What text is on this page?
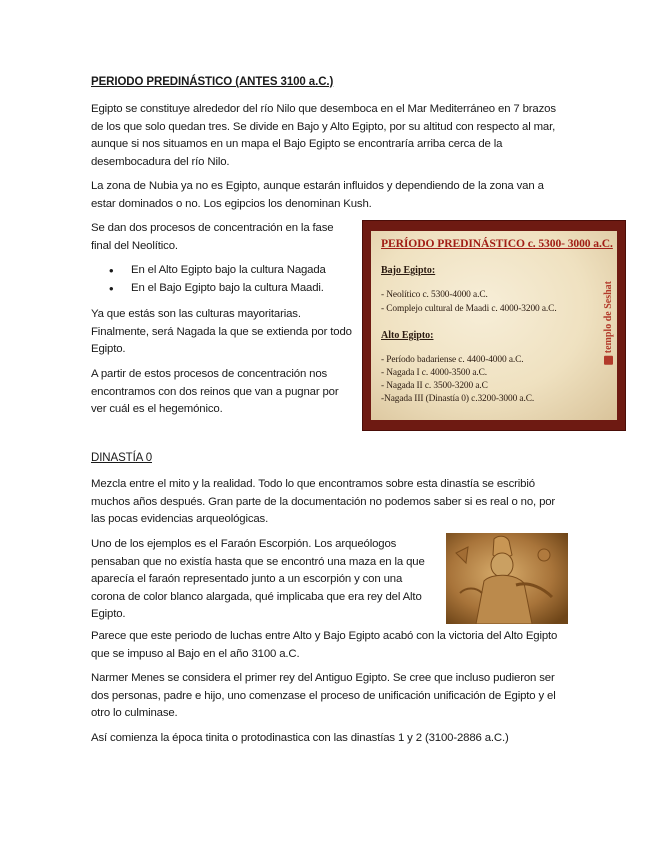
PERIODO PREDINÁSTICO (ANTES 3100 a.C.)

Egipto se constituye alrededor del río Nilo que desemboca en el Mar Mediterráneo en 7 brazos de los que solo quedan tres. Se divide en Bajo y Alto Egipto, por su altitud con respecto al mar, aunque si nos situamos en un mapa el Bajo Egipto se encontraría arriba cerca de la desembocadura del río Nilo.

La zona de Nubia ya no es Egipto, aunque estarán influidos y dependiendo de la zona van a estar dominados o no. Los egipcios los denominan Kush.

Se dan dos procesos de concentración en la fase final del Neolítico.

• En el Alto Egipto bajo la cultura Nagada
• En el Bajo Egipto bajo la cultura Maadi.

Ya que estás son las culturas mayoritarias. Finalmente, será Nagada la que se extienda por todo Egipto.

A partir de estos procesos de concentración nos encontramos con dos reinos que van a pugnar por ver cuál es el hegemónico.

PERÍODO PREDINÁSTICO c. 5300- 3000 a.C.
Bajo Egipto:
- Neolítico c. 5300-4000 a.C.
- Complejo cultural de Maadi c. 4000-3200 a.C.
Alto Egipto:
- Período badariense c. 4400-4000 a.C.
- Nagada I c. 4000-3500 a.C.
- Nagada II c. 3500-3200 a.C
-Nagada III (Dinastía 0) c.3200-3000 a.C.
templo de Seshat
DINASTÍA 0

Mezcla entre el mito y la realidad. Todo lo que encontramos sobre esta dinastía se escribió muchos años después. Gran parte de la documentación no podemos saber si es real o no, por las pocas evidencias arqueológicas.

Uno de los ejemplos es el Faraón Escorpión. Los arqueólogos pensaban que no existía hasta que se encontró una maza en la que aparecía el faraón representado junto a un escorpión y con una corona de color blanco alargada, qué implicaba que era rey del Alto Egipto.

Parece que este periodo de luchas entre Alto y Bajo Egipto acabó con la victoria del Alto Egipto que se impuso al Bajo en el año 3100 a.C.

Narmer Menes se considera el primer rey del Antiguo Egipto. Se cree que incluso pudieron ser dos personas, padre e hijo, uno comenzase el proceso de unificación unificación de Egipto y el otro lo culminase.

Así comienza la época tinita o protodinastica con las dinastías 1 y 2 (3100-2886 a.C.)
